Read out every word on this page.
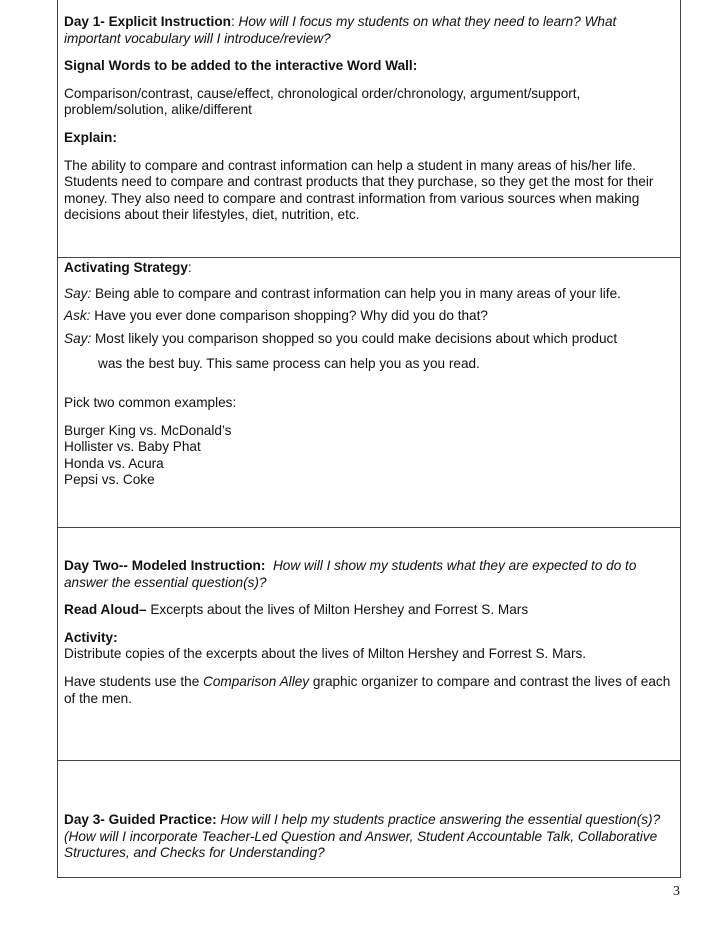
Day 1- Explicit Instruction: How will I focus my students on what they need to learn? What important vocabulary will I introduce/review?

Signal Words to be added to the interactive Word Wall:

Comparison/contrast, cause/effect, chronological order/chronology, argument/support, problem/solution, alike/different

Explain:

The ability to compare and contrast information can help a student in many areas of his/her life. Students need to compare and contrast products that they purchase, so they get the most for their money. They also need to compare and contrast information from various sources when making decisions about their lifestyles, diet, nutrition, etc.

Activating Strategy:

Say: Being able to compare and contrast information can help you in many areas of your life.

Ask: Have you ever done comparison shopping? Why did you do that?

Say: Most likely you comparison shopped so you could make decisions about which product

was the best buy. This same process can help you as you read.

Pick two common examples:

Burger King vs. McDonald’s

Hollister vs. Baby Phat

Honda vs. Acura

Pepsi vs. Coke

Day Two-- Modeled Instruction: How will I show my students what they are expected to do to answer the essential question(s)?

Read Aloud– Excerpts about the lives of Milton Hershey and Forrest S. Mars

Activity:

Distribute copies of the excerpts about the lives of Milton Hershey and Forrest S. Mars.

Have students use the Comparison Alley graphic organizer to compare and contrast the lives of each of the men.

Day 3- Guided Practice: How will I help my students practice answering the essential question(s)? (How will I incorporate Teacher-Led Question and Answer, Student Accountable Talk, Collaborative Structures, and Checks for Understanding?

3
